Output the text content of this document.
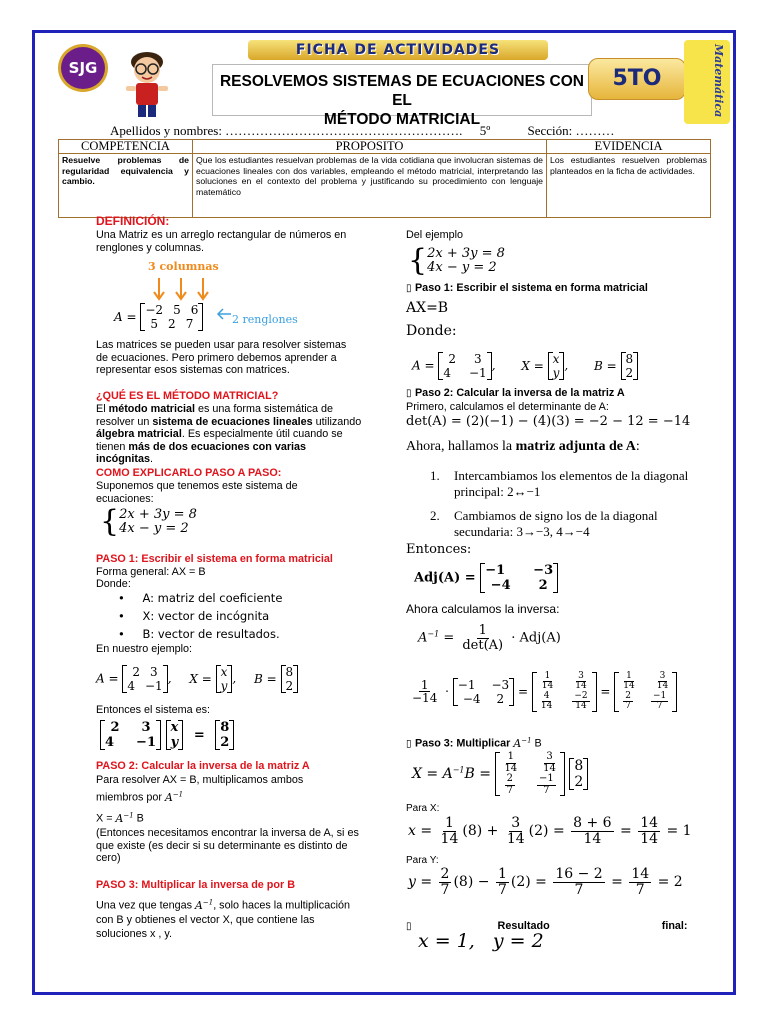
FICHA DE ACTIVIDADES
SJG
RESOLVEMOS SISTEMAS DE ECUACIONES CON EL
MÉTODO MATRICIAL
5TO	Matemática
Apellidos y nombres: ………………………………………………. 5º	Sección: ………
COMPETENCIA	PROPOSITO	EVIDENCIA
Resuelve problemas de regularidad equivalencia y cambio.	Que los estudiantes resuelvan problemas de la vida cotidiana que involucran sistemas de ecuaciones lineales con dos variables, empleando el método matricial, interpretando las soluciones en el contexto del problema y justificando su procedimiento con lenguaje matemático	Los estudiantes resuelven problemas planteados en la ficha de actividades.
DEFINICIÓN:
Una Matriz es un arreglo rectangular de números en renglones y columnas.
3 columnas
A = −2 5 6
5 2 7	2 renglones
Las matrices se pueden usar para resolver sistemas de ecuaciones. Pero primero debemos aprender a representar esos sistemas con matrices.
¿QUÉ ES EL MÉTODO MATRICIAL?
El método matricial es una forma sistemática de resolver un sistema de ecuaciones lineales utilizando álgebra matricial. Es especialmente útil cuando se tienen más de dos ecuaciones con varias incógnitas.
COMO EXPLICARLO PASO A PASO:
Suponemos que tenemos este sistema de ecuaciones:
{ 2x + 3y = 8
4x − y = 2
PASO 1: Escribir el sistema en forma matricial
Forma general: AX = B
Donde:
• A: matriz del coeficiente
• X: vector de incógnita
• B: vector de resultados.
En nuestro ejemplo:
A = 2 3
4 −1
, X = x
y
, B = 8
2
Entonces el sistema es:
2 3
4 −1

x
y = 8
2
PASO 2: Calcular la inversa de la matriz A
Para resolver AX = B, multiplicamos ambos miembros por $A^{-1}$
$X = A^{-1}$ B
(Entonces necesitamos encontrar la inversa de A, si es que existe (es decir si su determinante es distinto de cero)
PASO 3: Multiplicar la inversa de por B
Una vez que tengas $A^{-1}$, solo haces la multiplicación con B y obtienes el vector X, que contiene las soluciones x , y.
Del ejemplo
{ 2x + 3y = 8
4x − y = 2
▯ Paso 1: Escribir el sistema en forma matricial
AX=B
Donde:
A = 2 3
4 −1
, X = x
y
, B = 8
2
▯ Paso 2: Calcular la inversa de la matriz A
Primero, calculamos el determinante de A:
det(A) = (2)(−1) − (4)(3) = −2 − 12 = −14
Ahora, hallamos la matriz adjunta de A:
1. Intercambiamos los elementos de la diagonal principal: 2↔−1
2. Cambiamos de signo los de la diagonal secundaria: 3→−3, 4→−4
Entonces:
Adj(A) = −1 −3
−4 2
Ahora calculamos la inversa:
$A^{-1} = \frac{1}{\det(A)} \cdot Adj(A)$
$\frac{1}{-14} \cdot -1 -3$
−4 2
= $\frac{1}{14} \frac{3}{14}$
$\frac{4}{14} \frac{-2}{14}$
= $\frac{1}{14} \frac{3}{14}$
$\frac{2}{7} \frac{-1}{7}$
▯ Paso 3: Multiplicar $A^{-1}$ B
$X = A^{-1}B = \frac{1}{14} \frac{3}{14}$
$\frac{2}{7} \frac{-1}{7}$

8
2
Para X:
$x = \frac{1}{14} (8) + \frac{3}{14} (2) = \frac{8 + 6}{14} = \frac{14}{14} = 1$
Para Y:
$y = \frac{2}{7} (8) - \frac{1}{7} (2) = \frac{16 - 2}{7} = \frac{14}{7} = 2$
▯	Resultado	final:
x = 1, y = 2
